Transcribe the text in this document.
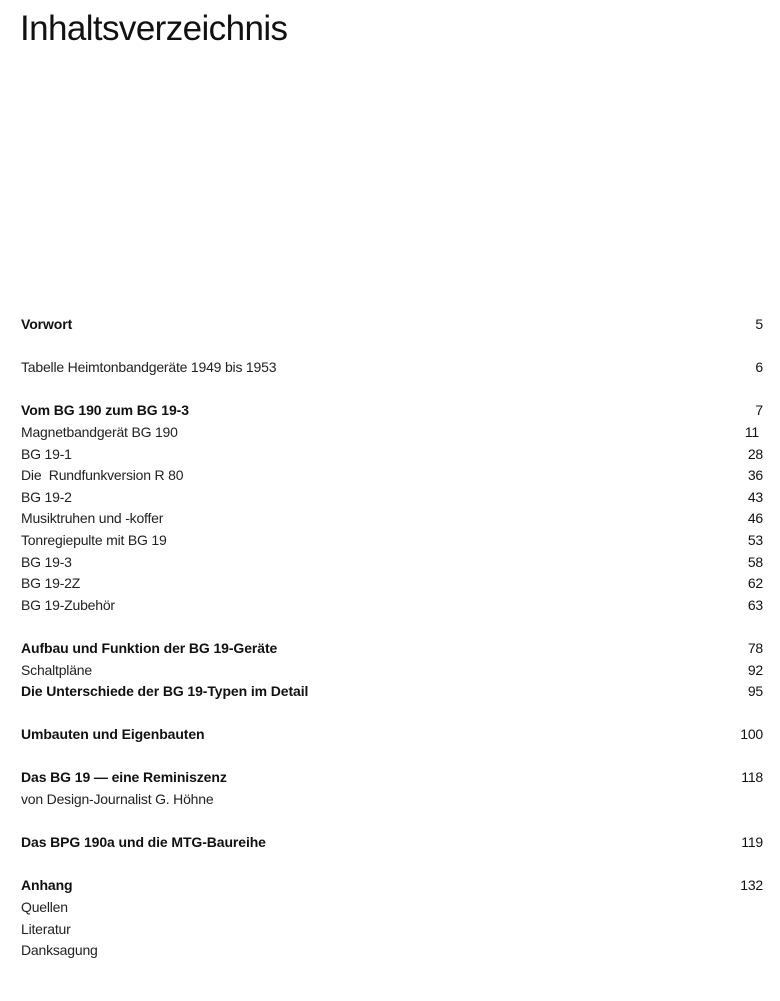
Inhaltsverzeichnis
Vorwort	5
Tabelle Heimtonbandgeräte 1949 bis 1953	6
Vom BG 190 zum BG 19-3	7
Magnetbandgerät BG 190	11
BG 19-1	28
Die  Rundfunkversion R 80	36
BG 19-2	43
Musiktruhen und -koffer	46
Tonregiepulte mit BG 19	53
BG 19-3	58
BG 19-2Z	62
BG 19-Zubehör	63
Aufbau und Funktion der BG 19-Geräte	78
Schaltpläne	92
Die Unterschiede der BG 19-Typen im Detail	95
Umbauten und Eigenbauten	100
Das BG 19 — eine Reminiszenz	118
von Design-Journalist G. Höhne
Das BPG 190a und die MTG-Baureihe	119
Anhang	132
Quellen
Literatur
Danksagung
